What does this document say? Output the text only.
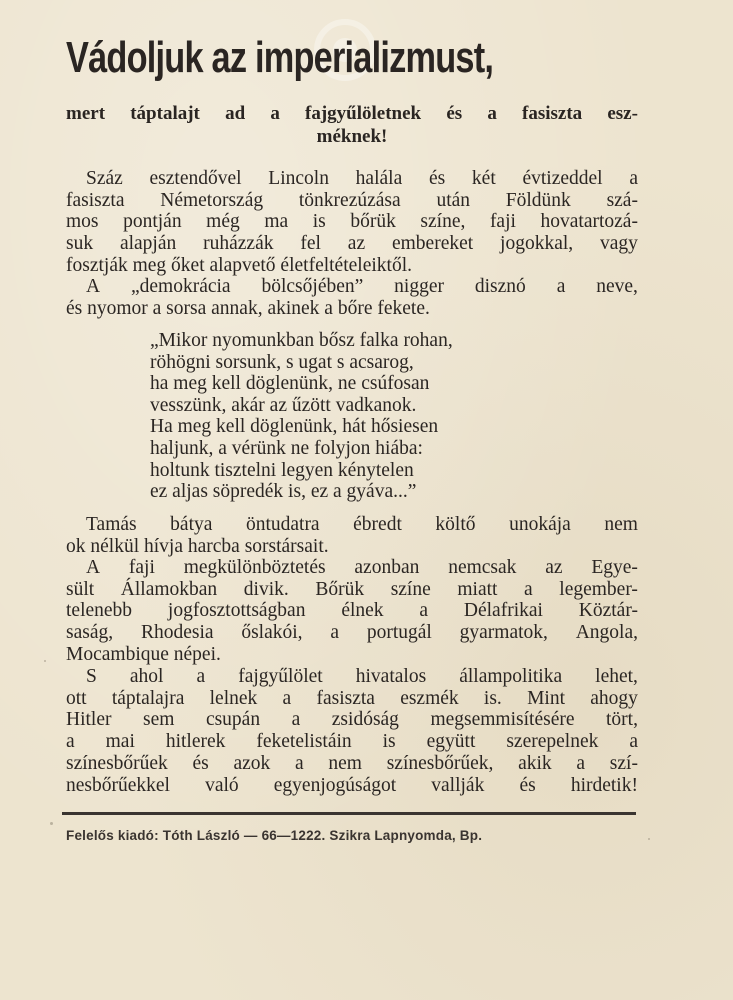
Vádoljuk az imperializmust,
mert táptalajt ad a fajgyűlöletnek és a fasiszta esz-
méknek!
Száz esztendővel Lincoln halála és két évtizeddel a
fasiszta Németország tönkrezúzása után Földünk szá-
mos pontján még ma is bőrük színe, faji hovatartozá-
suk alapján ruházzák fel az embereket jogokkal, vagy
fosztják meg őket alapvető életfeltételeiktől.
A „demokrácia bölcsőjében” nigger disznó a neve,
és nyomor a sorsa annak, akinek a bőre fekete.
„Mikor nyomunkban bősz falka rohan,
röhögni sorsunk, s ugat s acsarog,
ha meg kell döglenünk, ne csúfosan
vesszünk, akár az űzött vadkanok.
Ha meg kell döglenünk, hát hősiesen
haljunk, a vérünk ne folyjon hiába:
holtunk tisztelni legyen kénytelen
ez aljas söpredék is, ez a gyáva...”
Tamás bátya öntudatra ébredt költő unokája nem
ok nélkül hívja harcba sorstársait.
A faji megkülönböztetés azonban nemcsak az Egye-
sült Államokban divik. Bőrük színe miatt a legember-
telenebb jogfosztottságban élnek a Délafrikai Köztár-
saság, Rhodesia őslakói, a portugál gyarmatok, Angola,
Mocambique népei.
S ahol a fajgyűlölet hivatalos állampolitika lehet,
ott táptalajra lelnek a fasiszta eszmék is. Mint ahogy
Hitler sem csupán a zsidóság megsemmisítésére tört,
a mai hitlerek feketelistáin is együtt szerepelnek a
színesbőrűek és azok a nem színesbőrűek, akik a szí-
nesbőrűekkel való egyenjogúságot vallják és hirdetik!
Felelős kiadó: Tóth László — 66—1222. Szikra Lapnyomda, Bp.
